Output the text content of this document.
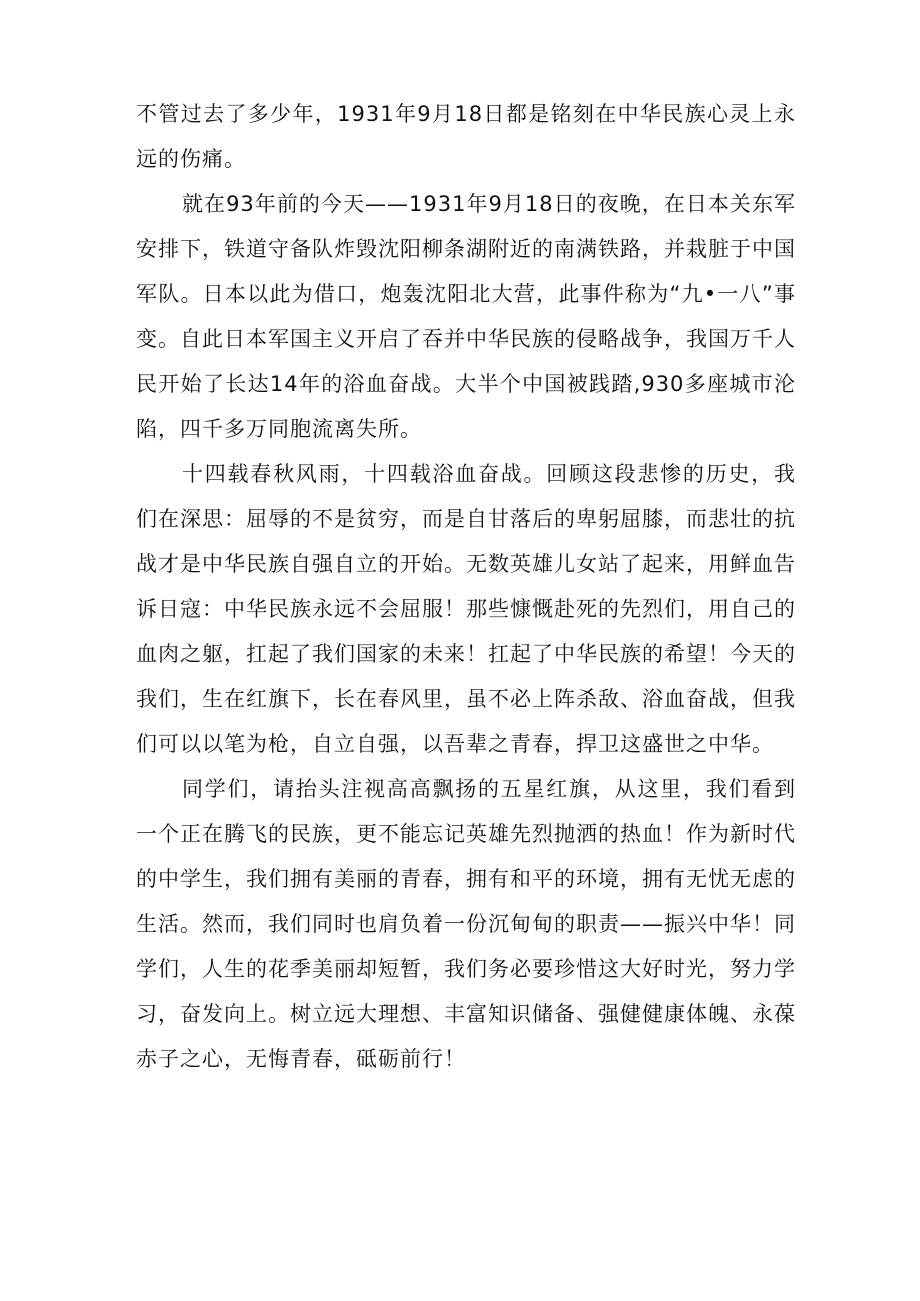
不管过去了多少年，1931年9月18日都是铭刻在中华民族心灵上永远的伤痛。

就在93年前的今天——1931年9月18日的夜晚，在日本关东军安排下，铁道守备队炸毁沈阳柳条湖附近的南满铁路，并栽脏于中国军队。日本以此为借口，炮轰沈阳北大营，此事件称为“九•一八”事变。自此日本军国主义开启了吞并中华民族的侵略战争，我国万千人民开始了长达14年的浴血奋战。大半个中国被践踏,930多座城市沦陷，四千多万同胞流离失所。

十四载春秋风雨，十四载浴血奋战。回顾这段悲惨的历史，我们在深思：屈辱的不是贫穷，而是自甘落后的卑躬屈膝，而悲壮的抗战才是中华民族自强自立的开始。无数英雄儿女站了起来，用鲜血告诉日寇：中华民族永远不会屈服！那些慷慨赴死的先烈们，用自己的血肉之躯，扛起了我们国家的未来！扛起了中华民族的希望！今天的我们，生在红旗下，长在春风里，虽不必上阵杀敌、浴血奋战，但我们可以以笔为枪，自立自强，以吾辈之青春，捍卫这盛世之中华。

同学们，请抬头注视高高飘扬的五星红旗，从这里，我们看到一个正在腾飞的民族，更不能忘记英雄先烈抛洒的热血！作为新时代的中学生，我们拥有美丽的青春，拥有和平的环境，拥有无忧无虑的生活。然而，我们同时也肩负着一份沉甸甸的职责——振兴中华！同学们，人生的花季美丽却短暂，我们务必要珍惜这大好时光，努力学习，奋发向上。树立远大理想、丰富知识储备、强健健康体魄、永葆赤子之心，无悔青春，砥砺前行！
